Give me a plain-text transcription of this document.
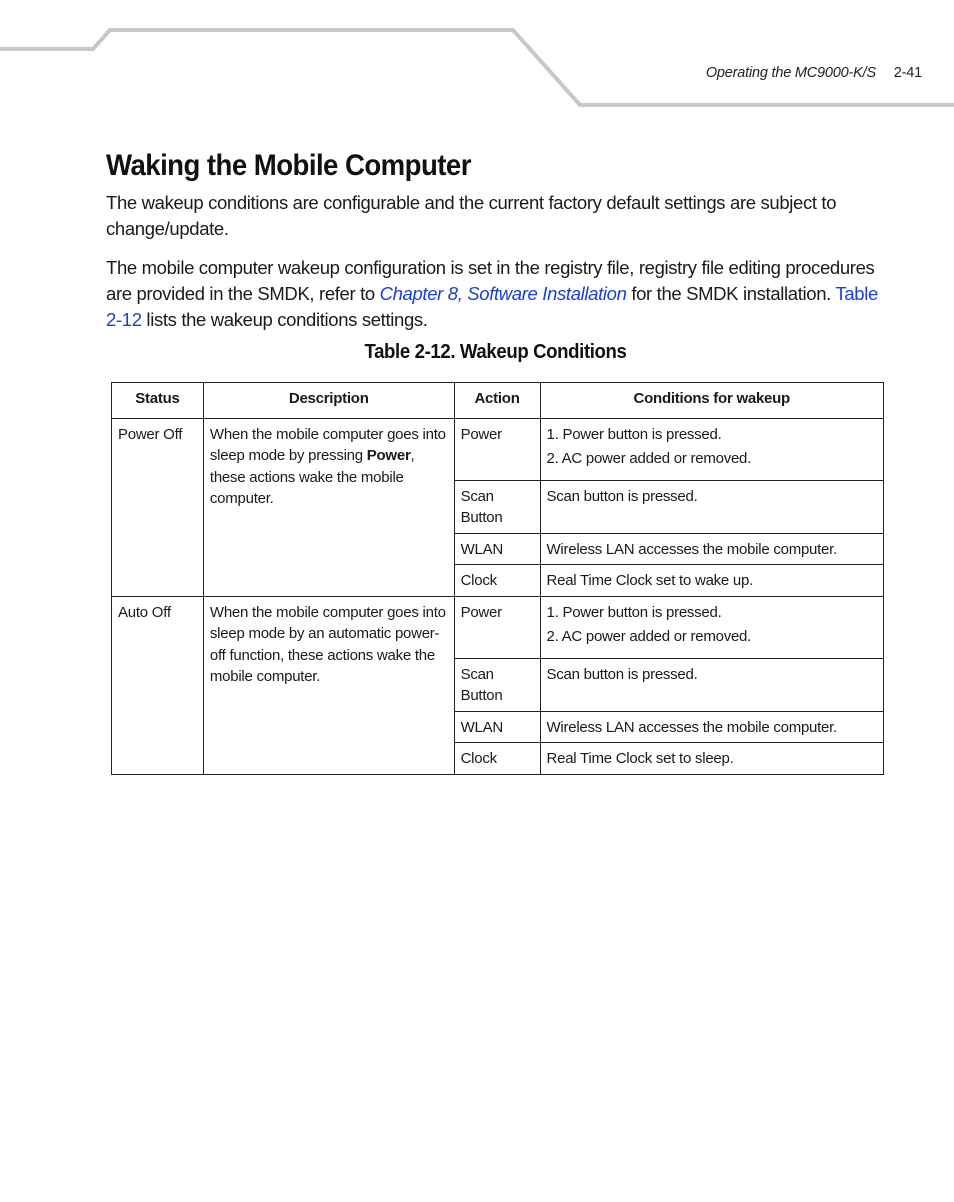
Operating the MC9000-K/S 2-41
Waking the Mobile Computer

The wakeup conditions are configurable and the current factory default settings are subject to change/update.

The mobile computer wakeup configuration is set in the registry file, registry file editing procedures are provided in the SMDK, refer to Chapter 8, Software Installation for the SMDK installation. Table 2-12 lists the wakeup conditions settings.

Table 2-12. Wakeup Conditions
Status	Description	Action	Conditions for wakeup
Power Off	When the mobile computer goes into sleep mode by pressing Power, these actions wake the mobile computer.	Power	1. Power button is pressed.
2. AC power added or removed.

		Scan Button	Scan button is pressed.
		WLAN	Wireless LAN accesses the mobile computer.
		Clock	Real Time Clock set to wake up.
Auto Off	When the mobile computer goes into sleep mode by an automatic power-off function, these actions wake the mobile computer.	Power	1. Power button is pressed.
2. AC power added or removed.

		Scan Button	Scan button is pressed.
		WLAN	Wireless LAN accesses the mobile computer.
		Clock	Real Time Clock set to sleep.
